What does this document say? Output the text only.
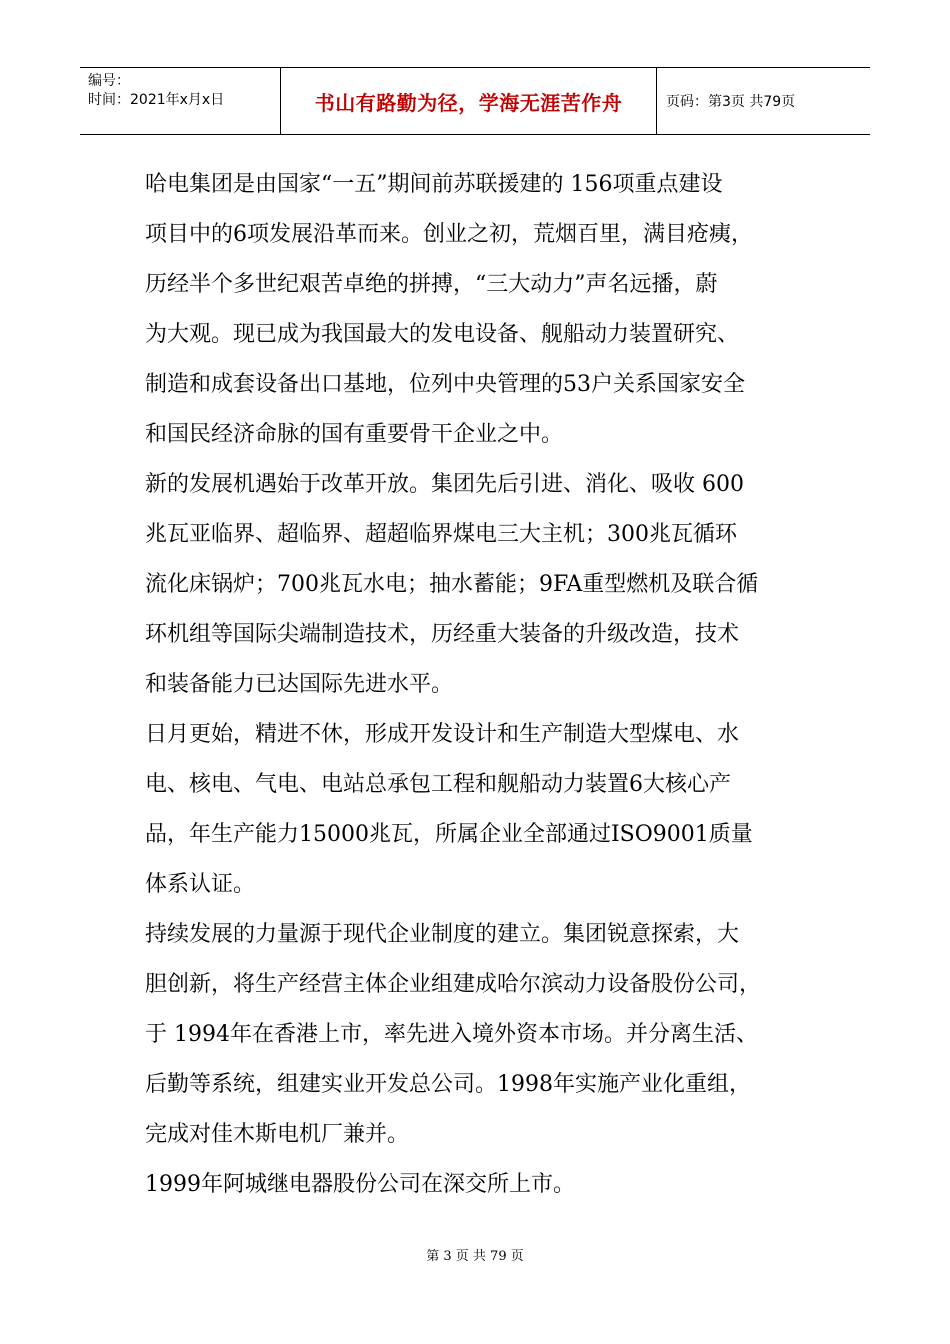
编号：
时间：2021年x月x日	书山有路勤为径，学海无涯苦作舟	页码：第3页 共79页

哈电集团是由国家“一五”期间前苏联援建的 156项重点建设

项目中的6项发展沿革而来。创业之初，荒烟百里，满目疮痍，

历经半个多世纪艰苦卓绝的拼搏，“三大动力”声名远播，蔚

为大观。现已成为我国最大的发电设备、舰船动力装置研究、

制造和成套设备出口基地，位列中央管理的53户关系国家安全

和国民经济命脉的国有重要骨干企业之中。

新的发展机遇始于改革开放。集团先后引进、消化、吸收 600

兆瓦亚临界、超临界、超超临界煤电三大主机；300兆瓦循环

流化床锅炉；700兆瓦水电；抽水蓄能；9FA重型燃机及联合循

环机组等国际尖端制造技术，历经重大装备的升级改造，技术

和装备能力已达国际先进水平。

日月更始，精进不休，形成开发设计和生产制造大型煤电、水

电、核电、气电、电站总承包工程和舰船动力装置6大核心产

品，年生产能力15000兆瓦，所属企业全部通过ISO9001质量

体系认证。

持续发展的力量源于现代企业制度的建立。集团锐意探索，大

胆创新，将生产经营主体企业组建成哈尔滨动力设备股份公司，

于 1994年在香港上市，率先进入境外资本市场。并分离生活、

后勤等系统，组建实业开发总公司。1998年实施产业化重组，

完成对佳木斯电机厂兼并。

1999年阿城继电器股份公司在深交所上市。

第 3 页 共 79 页
